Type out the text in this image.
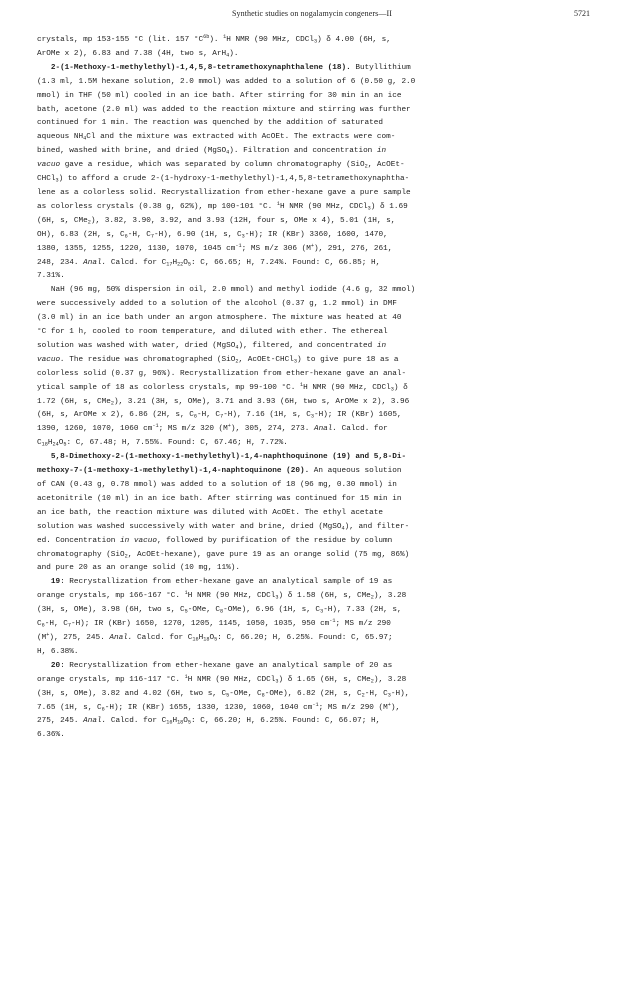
Synthetic studies on nogalamycin congeners—II	5721
crystals, mp 153-155 °C (lit. 157 $^\circ C^{6b}$). $^1$H NMR (90 MHz, CDCl$_3$) δ 4.00 (6H, s,
ArOMe x 2), 6.83 and 7.38 (4H, two s, ArH$_4$).
2-(1-Methoxy-1-methylethyl)-1,4,5,8-tetramethoxynaphthalene (18). Butyllithium
(1.3 ml, 1.5M hexane solution, 2.0 mmol) was added to a solution of 6 (0.50 g, 2.0
mmol) in THF (50 ml) cooled in an ice bath. After stirring for 30 min in an ice
bath, acetone (2.0 ml) was added to the reaction mixture and stirring was further
continued for 1 min. The reaction was quenched by the addition of saturated
aqueous $NH_4Cl$ and the mixture was extracted with AcOEt. The extracts were com-
bined, washed with brine, and dried (MgSO$_4$). Filtration and concentration in
vacuo gave a residue, which was separated by column chromatography (SiO$_2$, AcOEt-
CHCl$_3$) to afford a crude 2-(1-hydroxy-1-methylethyl)-1,4,5,8-tetramethoxynaphtha-
lene as a colorless solid. Recrystallization from ether-hexane gave a pure sample
as colorless crystals (0.38 g, 62%), mp 100-101 °C. $^1$H NMR (90 MHz, CDCl$_3$) δ 1.69
(6H, s, CMe$_2$), 3.82, 3.90, 3.92, and 3.93 (12H, four s, OMe x 4), 5.01 (1H, s,
OH), 6.83 (2H, s, $C_6-H$, $C_7-H$), 6.90 (1H, s, $C_3-H$); IR (KBr) 3360, 1600, 1470,
1380, 1355, 1255, 1220, 1130, 1070, 1045 $cm^{-1}$; MS m/z 306 (M+), 291, 276, 261,
248, 234. Anal. Calcd. for $C_{17}H_{22}O_5$: C, 66.65; H, 7.24%. Found: C, 66.85; H,
7.31%.
NaH (96 mg, 50% dispersion in oil, 2.0 mmol) and methyl iodide (4.6 g, 32 mmol)
were successively added to a solution of the alcohol (0.37 g, 1.2 mmol) in DMF
(3.0 ml) in an ice bath under an argon atmosphere. The mixture was heated at 40
°C for 1 h, cooled to room temperature, and diluted with ether. The ethereal
solution was washed with water, dried (MgSO$_4$), filtered, and concentrated in
vacuo. The residue was chromatographed (SiO$_2$, AcOEt-CHCl$_3$) to give pure 18 as a
colorless solid (0.37 g, 96%). Recrystallization from ether-hexane gave an anal-
ytical sample of 18 as colorless crystals, mp 99-100 °C. $^1$H NMR (90 MHz, CDCl$_3$) δ
1.72 (6H, s, CMe$_2$), 3.21 (3H, s, OMe), 3.71 and 3.93 (6H, two s, ArOMe x 2), 3.96
(6H, s, ArOMe x 2), 6.86 (2H, s, $C_6-H$, $C_7-H$), 7.16 (1H, s, $C_3-H$); IR (KBr) 1605,
1390, 1260, 1070, 1060 $cm^{-1}$; MS m/z 320 (M+), 305, 274, 273. Anal. Calcd. for
$C_{18}H_{24}O_5$: C, 67.48; H, 7.55%. Found: C, 67.46; H, 7.72%.
5,8-Dimethoxy-2-(1-methoxy-1-methylethyl)-1,4-naphthoquinone (19) and 5,8-Di-
methoxy-7-(1-methoxy-1-methylethyl)-1,4-naphtoquinone (20). An aqueous solution
of CAN (0.43 g, 0.78 mmol) was added to a solution of 18 (96 mg, 0.30 mmol) in
acetonitrile (10 ml) in an ice bath. After stirring was continued for 15 min in
an ice bath, the reaction mixture was diluted with AcOEt. The ethyl acetate
solution was washed successively with water and brine, dried (MgSO$_4$), and filter-
ed. Concentration in vacuo, followed by purification of the residue by column
chromatography (SiO$_2$, AcOEt-hexane), gave pure 19 as an orange solid (75 mg, 86%)
and pure 20 as an orange solid (10 mg, 11%).
19: Recrystallization from ether-hexane gave an analytical sample of 19 as
orange crystals, mp 166-167 °C. $^1$H NMR (90 MHz, CDCl$_3$) δ 1.58 (6H, s, CMe$_2$), 3.28
(3H, s, OMe), 3.98 (6H, two s, $C_5$-OMe, $C_8-OMe$), 6.96 (1H, s, $C_3-H$), 7.33 (2H, s,
$C_6-H$, $C_7-H$); IR (KBr) 1650, 1270, 1205, 1145, 1050, 1035, 950 $cm^{-1}$; MS m/z 290
(M+), 275, 245. Anal. Calcd. for $C_{16}H_{18}O_5$: C, 66.20; H, 6.25%. Found: C, 65.97;
H, 6.38%.
20: Recrystallization from ether-hexane gave an analytical sample of 20 as
orange crystals, mp 116-117 °C. $^1$H NMR (90 MHz, CDCl$_3$) δ 1.65 (6H, s, CMe$_2$), 3.28
(3H, s, OMe), 3.82 and 4.02 (6H, two s, $C_5$-OMe, $C_8-OMe$), 6.82 (2H, s, $C_2-H$, $C_3-H$),
7.65 (1H, s, $C_6-H$); IR (KBr) 1655, 1330, 1230, 1060, 1040 $cm^{-1}$; MS m/z 290 (M+),
275, 245. Anal. Calcd. for $C_{16}H_{18}O_5$: C, 66.20; H, 6.25%. Found: C, 66.07; H,
6.36%.
